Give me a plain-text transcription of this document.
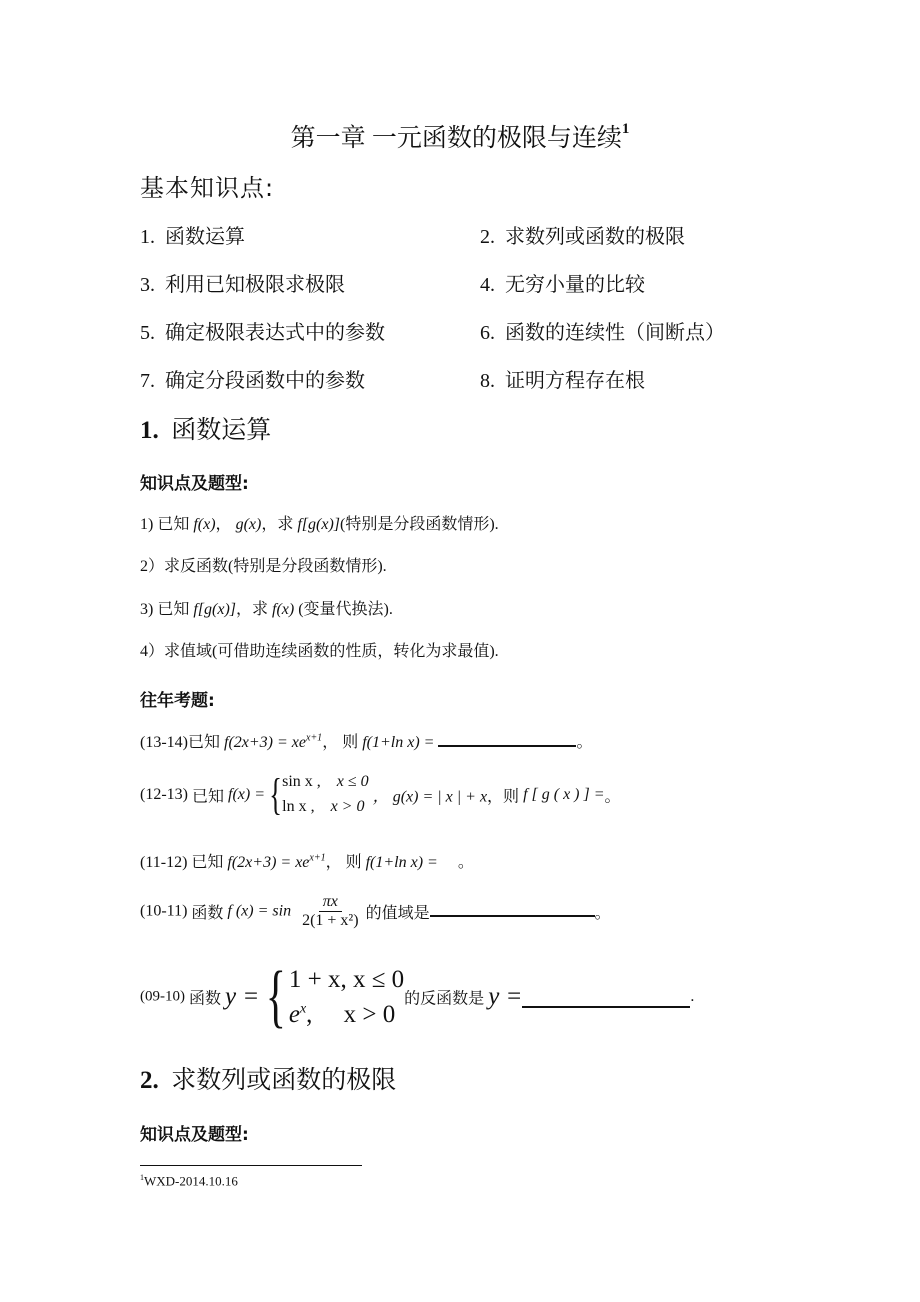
第一章 一元函数的极限与连续$^1$
基本知识点:
1. 函数运算	2. 求数列或函数的极限
3. 利用已知极限求极限	4. 无穷小量的比较
5. 确定极限表达式中的参数	6. 函数的连续性（间断点）
7. 确定分段函数中的参数	8. 证明方程存在根
1. 函数运算
知识点及题型:
1) 已知 f(x)， g(x)，求 f[g(x)](特别是分段函数情形).
2）求反函数(特别是分段函数情形).
3) 已知 f[g(x)]，求 f(x) (变量代换法).
4）求值域(可借助连续函数的性质，转化为求最值).
往年考题:
(13-14)已知 $f(2x+3) = xe^{x+1}$， 则 f(1+ln x) =	。
(12-13) 已知 f(x) = { sin x , x ≤ 0
ln x , x > 0
， g(x) = | x | + x，则 f [ g ( x ) ] =。
(11-12) 已知 $f(2x+3) = xe^{x+1}$， 则 f(1+ln x) =     。
(10-11) 函数 f $(x) = \sin \frac{\pi x}{\text{2(1 + x²)}}$ 的值域是	。
(09-10) 函数 y = { 1 + x, x ≤ 0
$e^x$,     x > 0
的反函数是 y =	.
2. 求数列或函数的极限
知识点及题型:
$^1$WXD-2014.10.16
